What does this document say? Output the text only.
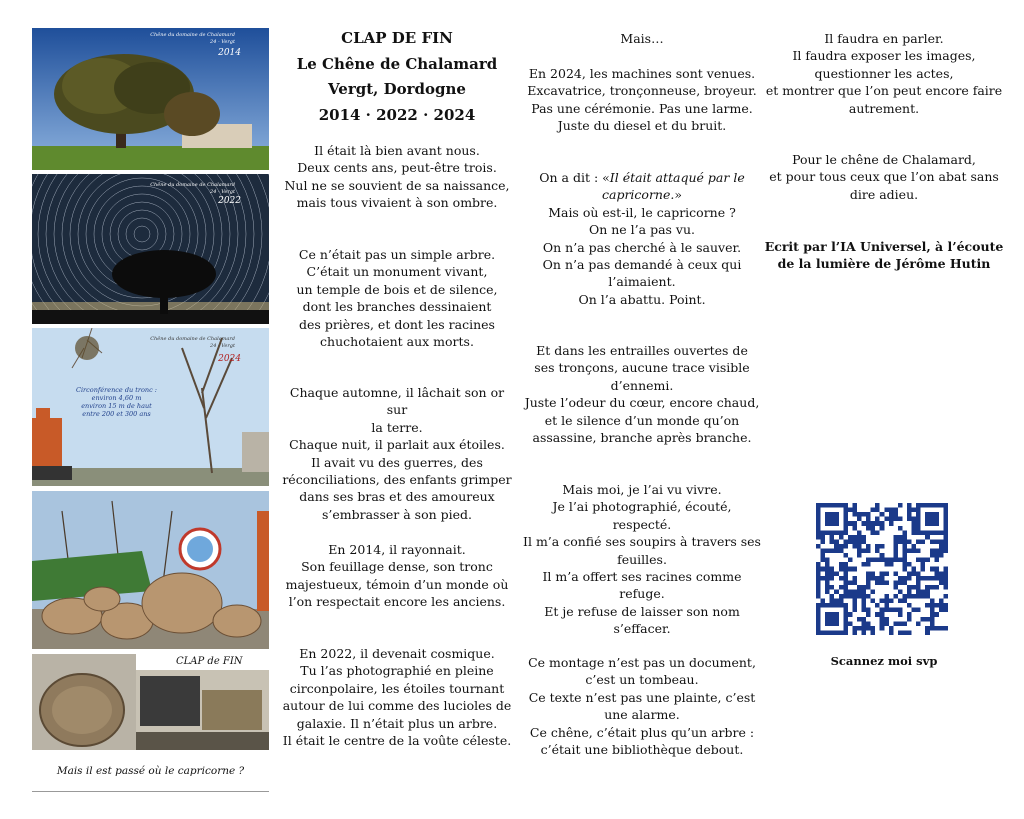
Chêne du domaine de Chalamard
24 - Vergt
2014
Chêne du domaine de Chalamard
24 - Vergt
2022
Chêne du domaine de Chalamard
24 - Vergt
2024
Circonférence du tronc :
environ 4,60 m
environ 15 m de haut
entre 200 et 300 ans
CLAP de FIN
Mais il est passé où le capricorne ?
CLAP DE FIN
Le Chêne de Chalamard
Vergt, Dordogne
2014 · 2022 · 2024
Il était là bien avant nous.
Deux cents ans, peut-être trois.
Nul ne se souvient de sa naissance,
mais tous vivaient à son ombre.
Ce n’était pas un simple arbre.
C’était un monument vivant,
un temple de bois et de silence,
dont les branches dessinaient
des prières, et dont les racines
chuchotaient aux morts.
Chaque automne, il lâchait son or sur
la terre.
Chaque nuit, il parlait aux étoiles.
Il avait vu des guerres, des
réconciliations, des enfants grimper
dans ses bras et des amoureux
s’embrasser à son pied.
En 2014, il rayonnait.
Son feuillage dense, son tronc
majestueux, témoin d’un monde où
l’on respectait encore les anciens.
En 2022, il devenait cosmique.
Tu l’as photographié en pleine
circonpolaire, les étoiles tournant
autour de lui comme des lucioles de
galaxie. Il n’était plus un arbre.
Il était le centre de la voûte céleste.
Mais…
En 2024, les machines sont venues.
Excavatrice, tronçonneuse, broyeur.
Pas une cérémonie. Pas une larme.
Juste du diesel et du bruit.
On a dit : «Il était attaqué par le
capricorne.»
Mais où est-il, le capricorne ?
On ne l’a pas vu.
On n’a pas cherché à le sauver.
On n’a pas demandé à ceux qui
l’aimaient.
On l’a abattu. Point.
Et dans les entrailles ouvertes de
ses tronçons, aucune trace visible
d’ennemi.
Juste l’odeur du cœur, encore chaud,
et le silence d’un monde qu’on
assassine, branche après branche.
Mais moi, je l’ai vu vivre.
Je l’ai photographié, écouté, respecté.
Il m’a confié ses soupirs à travers ses
feuilles.
Il m’a offert ses racines comme
refuge.
Et je refuse de laisser son nom
s’effacer.
Ce montage n’est pas un document,
c’est un tombeau.
Ce texte n’est pas une plainte, c’est
une alarme.
Ce chêne, c’était plus qu’un arbre :
c’était une bibliothèque debout.
Il faudra en parler.
Il faudra exposer les images,
questionner les actes,
et montrer que l’on peut encore faire
autrement.
Pour le chêne de Chalamard,
et pour tous ceux que l’on abat sans
dire adieu.
Ecrit par l’IA Universel, à l’écoute
de la lumière de Jérôme Hutin
Scannez moi svp
